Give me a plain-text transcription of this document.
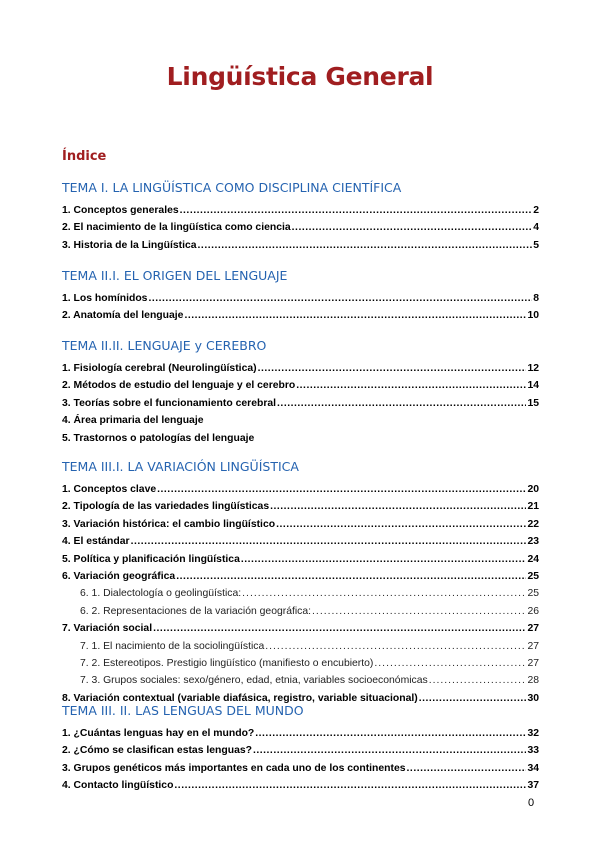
Lingüística General
Índice
TEMA I. LA LINGÜÍSTICA COMO DISCIPLINA CIENTÍFICA
1. Conceptos generales .....	2
2. El nacimiento de la lingüística como ciencia .....	4
3. Historia de la Lingüística .....	5
TEMA II.I. EL ORIGEN DEL LENGUAJE
1. Los homínidos .....	8
2. Anatomía del lenguaje .....	10
TEMA II.II. LENGUAJE y CEREBRO
1. Fisiología cerebral (Neurolingüística) .....	12
2. Métodos de estudio del lenguaje y el cerebro .....	14
3. Teorías sobre el funcionamiento cerebral .....	15
4. Área primaria del lenguaje
5. Trastornos o patologías del lenguaje
TEMA III.I. LA VARIACIÓN LINGÜÍSTICA
1. Conceptos clave .....	20
2. Tipología de las variedades lingüísticas .....	21
3. Variación histórica: el cambio lingüístico .....	22
4. El estándar .....	23
5. Política y planificación lingüística .....	24
6. Variación geográfica .....	25
6. 1. Dialectología o geolingüística: .....	25
6. 2. Representaciones de la variación geográfica: .....	26
7. Variación social .....	27
7. 1. El nacimiento de la sociolingüística .....	27
7. 2. Estereotipos. Prestigio lingüístico (manifiesto o encubierto) .....	27
7. 3. Grupos sociales: sexo/género, edad, etnia, variables socioeconómicas .....	28
8. Variación contextual (variable diafásica, registro, variable situacional) .....	30
TEMA III. II. LAS LENGUAS DEL MUNDO
1. ¿Cuántas lenguas hay en el mundo? .....	32
2. ¿Cómo se clasifican estas lenguas? .....	33
3. Grupos genéticos más importantes en cada uno de los continentes .....	34
4. Contacto lingüístico .....	37
0
